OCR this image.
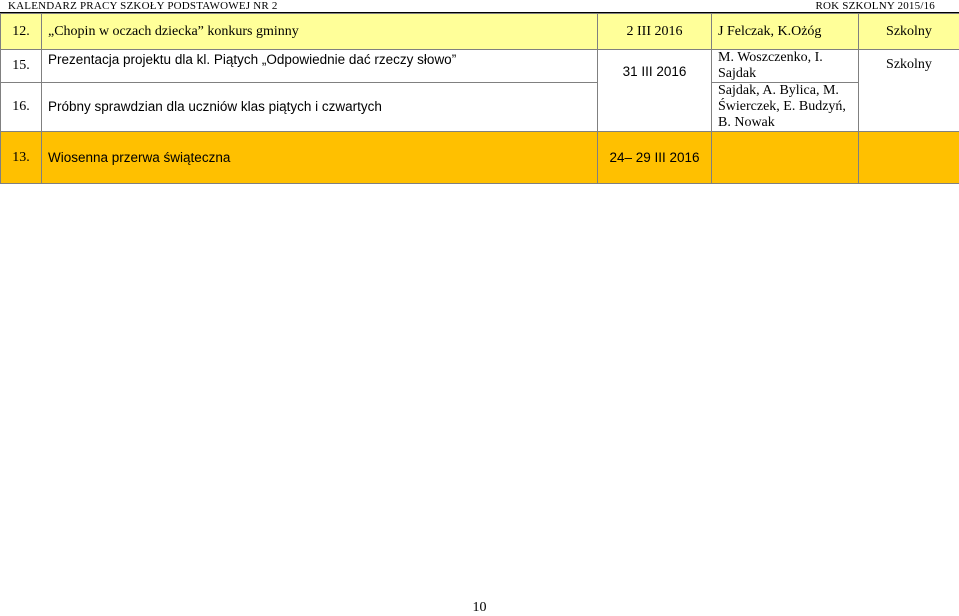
KALENDARZ PRACY SZKOŁY PODSTAWOWEJ NR 2	ROK SZKOLNY 2015/16
12.	„Chopin w oczach dziecka” konkurs gminny	2 III 2016	J Felczak, K.Ożóg	Szkolny
15.	Prezentacja projektu dla kl. Piątych „Odpowiednie dać rzeczy słowo”	31 III 2016	M. Woszczenko, I. Sajdak	Szkolny
16.	Próbny sprawdzian dla uczniów klas piątych i czwartych		Sajdak, A. Bylica, M. Świerczek, E. Budzyń, B. Nowak	
13.	Wiosenna przerwa świąteczna	24– 29 III 2016		
10
